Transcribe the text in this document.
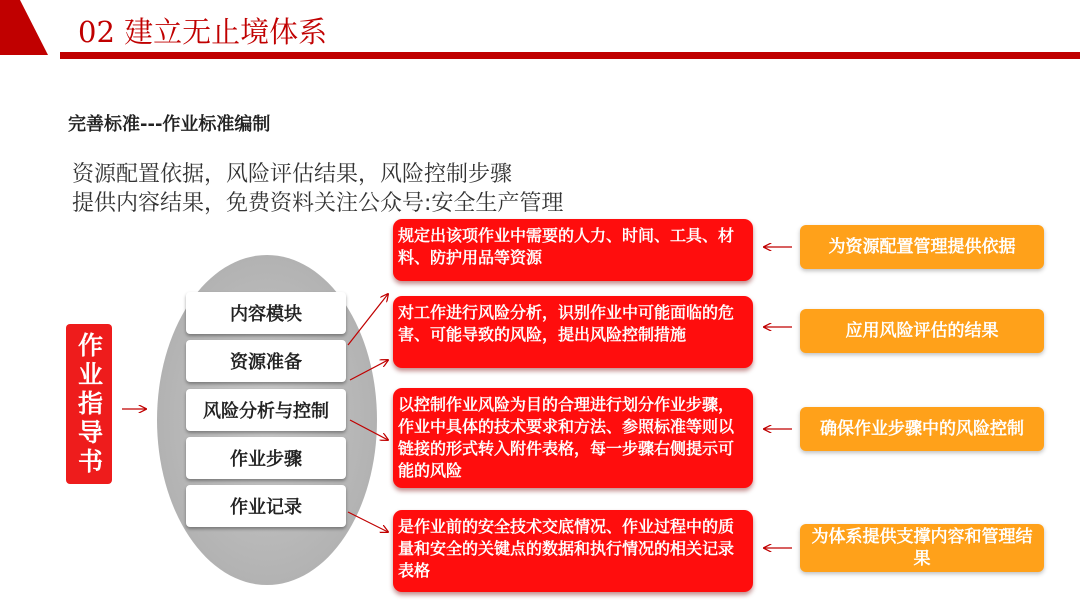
02 建立无止境体系
完善标准---作业标准编制
资源配置依据，风险评估结果，风险控制步骤
提供内容结果，免费资料关注公众号:安全生产管理
作业指导书
内容模块
资源准备
风险分析与控制
作业步骤
作业记录
规定出该项作业中需要的人力、时间、工具、材料、防护用品等资源
对工作进行风险分析，识别作业中可能面临的危害、可能导致的风险，提出风险控制措施
以控制作业风险为目的合理进行划分作业步骤，作业中具体的技术要求和方法、参照标准等则以链接的形式转入附件表格，每一步骤右侧提示可能的风险
是作业前的安全技术交底情况、作业过程中的质量和安全的关键点的数据和执行情况的相关记录表格
为资源配置管理提供依据
应用风险评估的结果
确保作业步骤中的风险控制
为体系提供支撑内容和管理结果
